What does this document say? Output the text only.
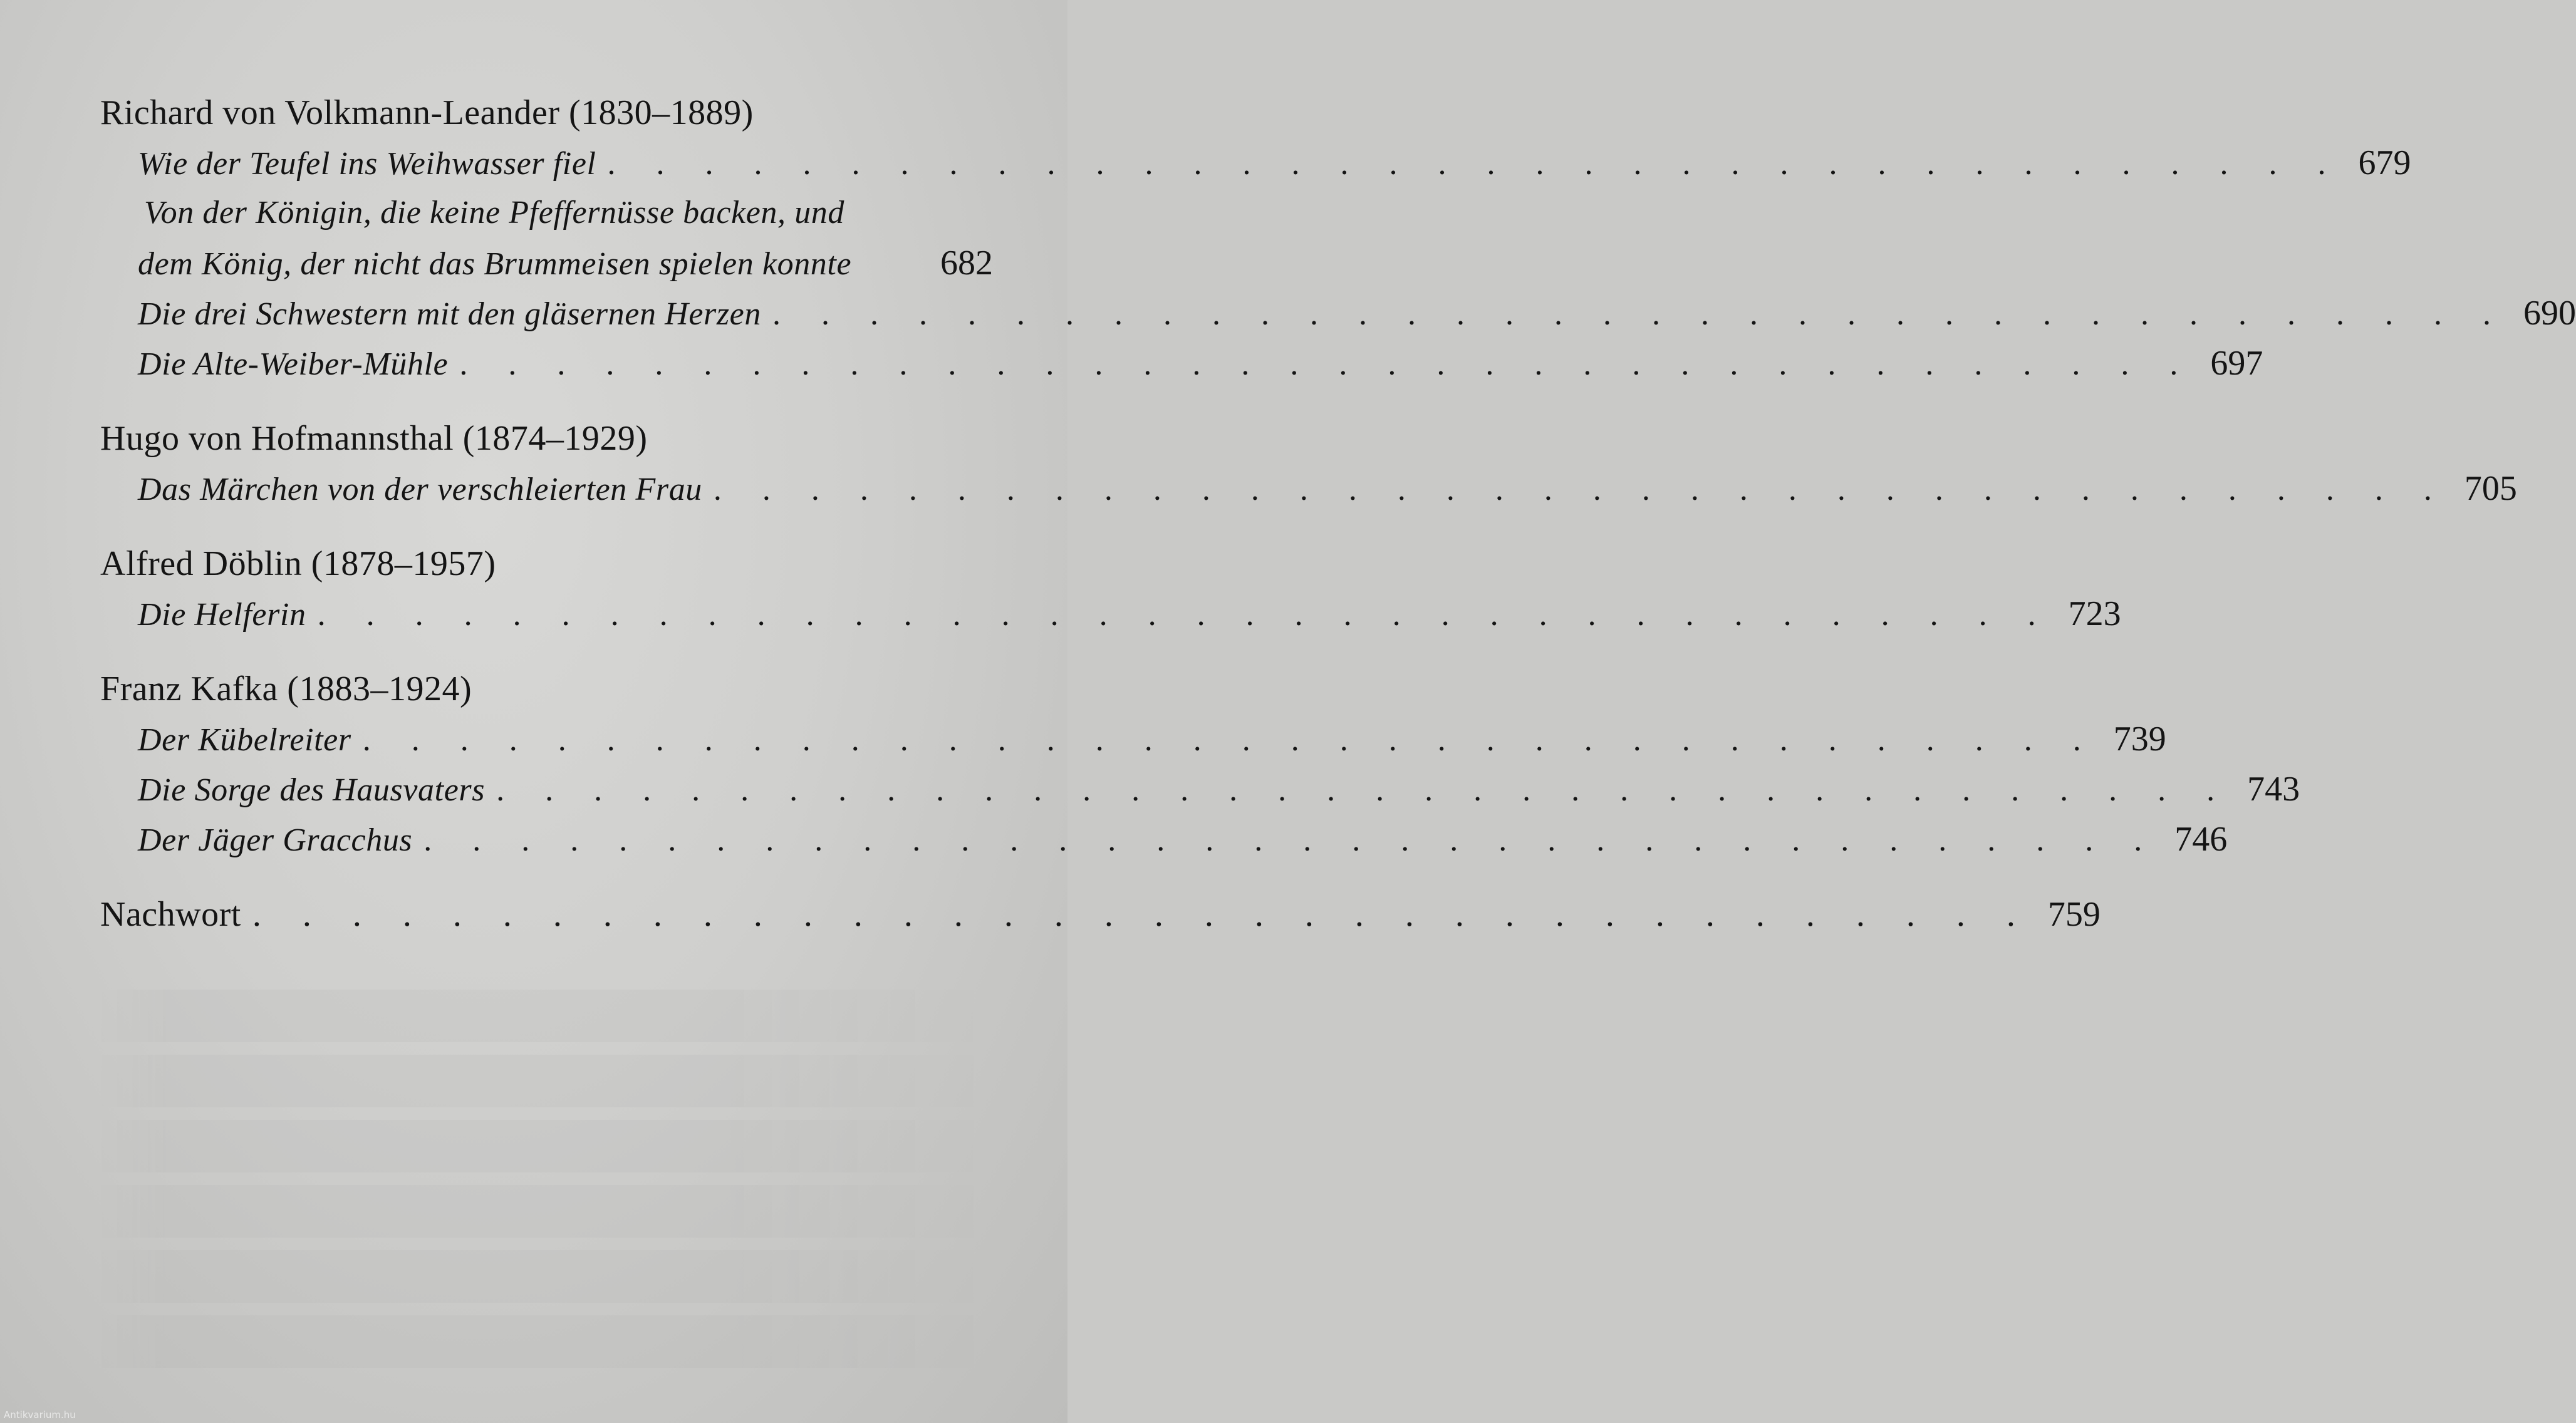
Richard von Volkmann-Leander (1830–1889)
Wie der Teufel ins Weihwasser fiel . . . . . . . . . . . . . . . . . . . . . . . . . . . . . . . . . . . . 679
Von der Königin, die keine Pfeffernüsse backen, und
dem König, der nicht das Brummeisen spielen konnte	682
Die drei Schwestern mit den gläsernen Herzen . . . . . . . . . . . . . . . . . . . . . . . . . . . . . . . . . . . . 690
Die Alte-Weiber-Mühle . . . . . . . . . . . . . . . . . . . . . . . . . . . . . . . . . . . . 697
Hugo von Hofmannsthal (1874–1929)
Das Märchen von der verschleierten Frau . . . . . . . . . . . . . . . . . . . . . . . . . . . . . . . . . . . . 705
Alfred Döblin (1878–1957)
Die Helferin . . . . . . . . . . . . . . . . . . . . . . . . . . . . . . . . . . . . 723
Franz Kafka (1883–1924)
Der Kübelreiter . . . . . . . . . . . . . . . . . . . . . . . . . . . . . . . . . . . . 739
Die Sorge des Hausvaters . . . . . . . . . . . . . . . . . . . . . . . . . . . . . . . . . . . . 743
Der Jäger Gracchus . . . . . . . . . . . . . . . . . . . . . . . . . . . . . . . . . . . . 746
Nachwort . . . . . . . . . . . . . . . . . . . . . . . . . . . . . . . . . . . . 759
Antikvarium.hu
